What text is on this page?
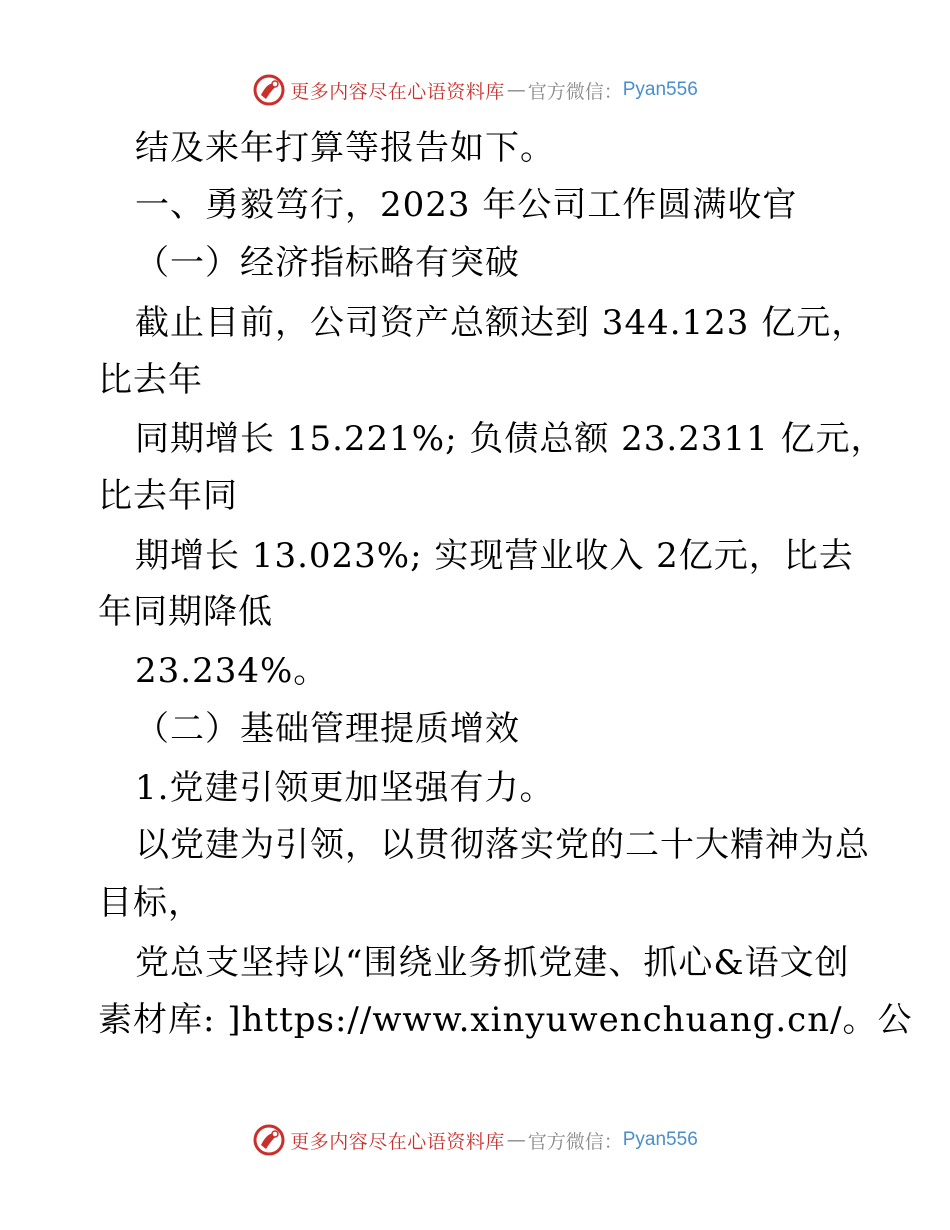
更多内容尽在心语资料库 — 官方微信： Pyan556
结及来年打算等报告如下。
一、勇毅笃行，2023 年公司工作圆满收官
（一）经济指标略有突破
截止目前，公司资产总额达到 344.123 亿元，
比去年
同期增长 15.221%; 负债总额 23.2311 亿元，
比去年同
期增长 13.023%; 实现营业收入 2亿元，比去
年同期降低
23.234%。
（二）基础管理提质增效
1.党建引领更加坚强有力。
以党建为引领，以贯彻落实党的二十大精神为总
目标，
党总支坚持以“围绕业务抓党建、抓心&语文创
素材库: ]https://www.xinyuwenchuang.cn/。公
更多内容尽在心语资料库 — 官方微信： Pyan556
